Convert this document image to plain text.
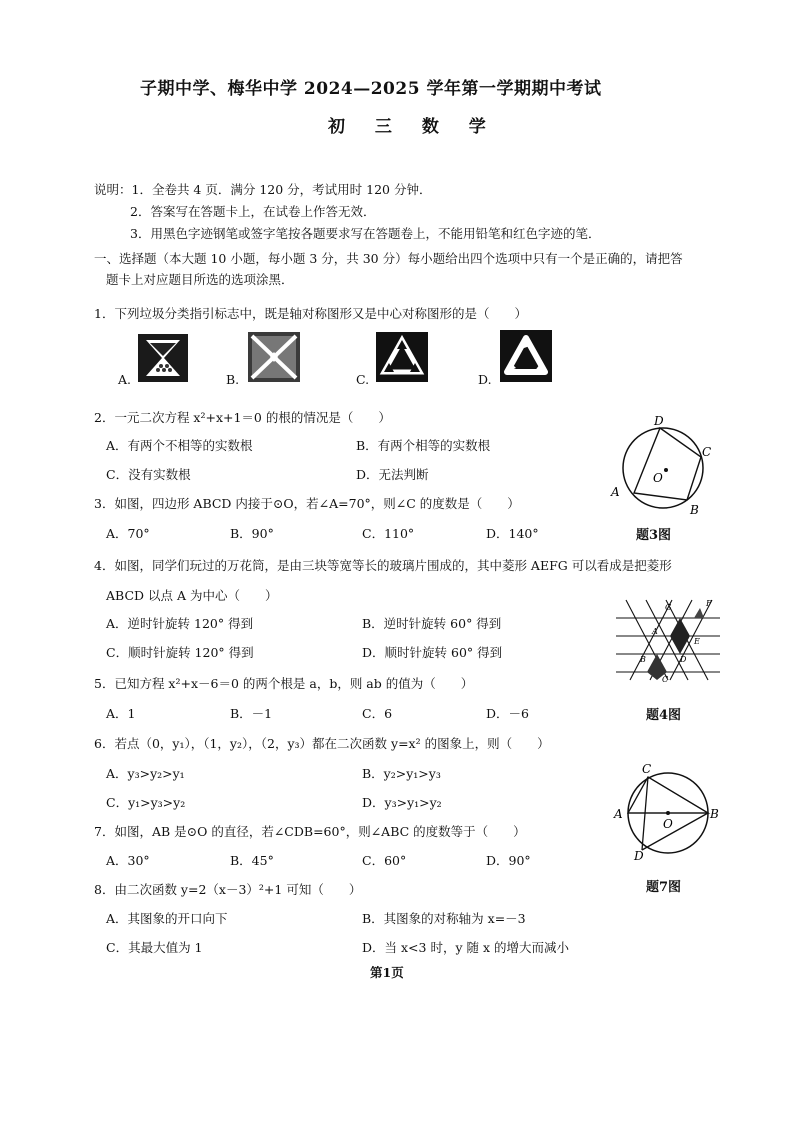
子期中学、梅华中学 2024—2025 学年第一学期期中考试
初 三 数 学
说明：1．全卷共 4 页．满分 120 分，考试用时 120 分钟．
2．答案写在答题卡上，在试卷上作答无效．
3．用黑色字迹钢笔或签字笔按各题要求写在答题卷上，不能用铅笔和红色字迹的笔．
一、选择题（本大题 10 小题，每小题 3 分，共 30 分）每小题给出四个选项中只有一个是正确的，请把答
题卡上对应题目所选的选项涂黑．
1．下列垃圾分类指引标志中，既是轴对称图形又是中心对称图形的是（　　）
A.	B.	C.	D.
2．一元二次方程 x²+x+1＝0 的根的情况是（　　）
A．有两个不相等的实数根	B．有两个相等的实数根
C．没有实数根	D．无法判断
3．如图，四边形 ABCD 内接于⊙O，若∠A=70°，则∠C 的度数是（　　）
A．70°	B．90°	C．110°	D．140°
A
D
C
B
O
题3图
4．如图，同学们玩过的万花筒，是由三块等宽等长的玻璃片围成的，其中菱形 AEFG 可以看成是把菱形
ABCD 以点 A 为中心（　　）
A．逆时针旋转 120° 得到	B．逆时针旋转 60° 得到
C．顺时针旋转 120° 得到	D．顺时针旋转 60° 得到
G	F
A
E
B	D
C
题4图
5．已知方程 x²+x－6＝0 的两个根是 a，b，则 ab 的值为（　　）
A．1	B．－1	C．6	D．－6
6．若点（0，y₁），（1，y₂），（2，y₃）都在二次函数 y=x² 的图象上，则（　　）
A．y₃>y₂>y₁	B．y₂>y₁>y₃
C．y₁>y₃>y₂	D．y₃>y₁>y₂
A	B
C
D
O
题7图
7．如图，AB 是⊙O 的直径，若∠CDB=60°，则∠ABC 的度数等于（　　）
A．30°	B．45°	C．60°	D．90°
8．由二次函数 y=2（x－3）²+1 可知（　　）
A．其图象的开口向下	B．其图象的对称轴为 x=－3
C．其最大值为 1	D．当 x<3 时，y 随 x 的增大而减小
第1页
